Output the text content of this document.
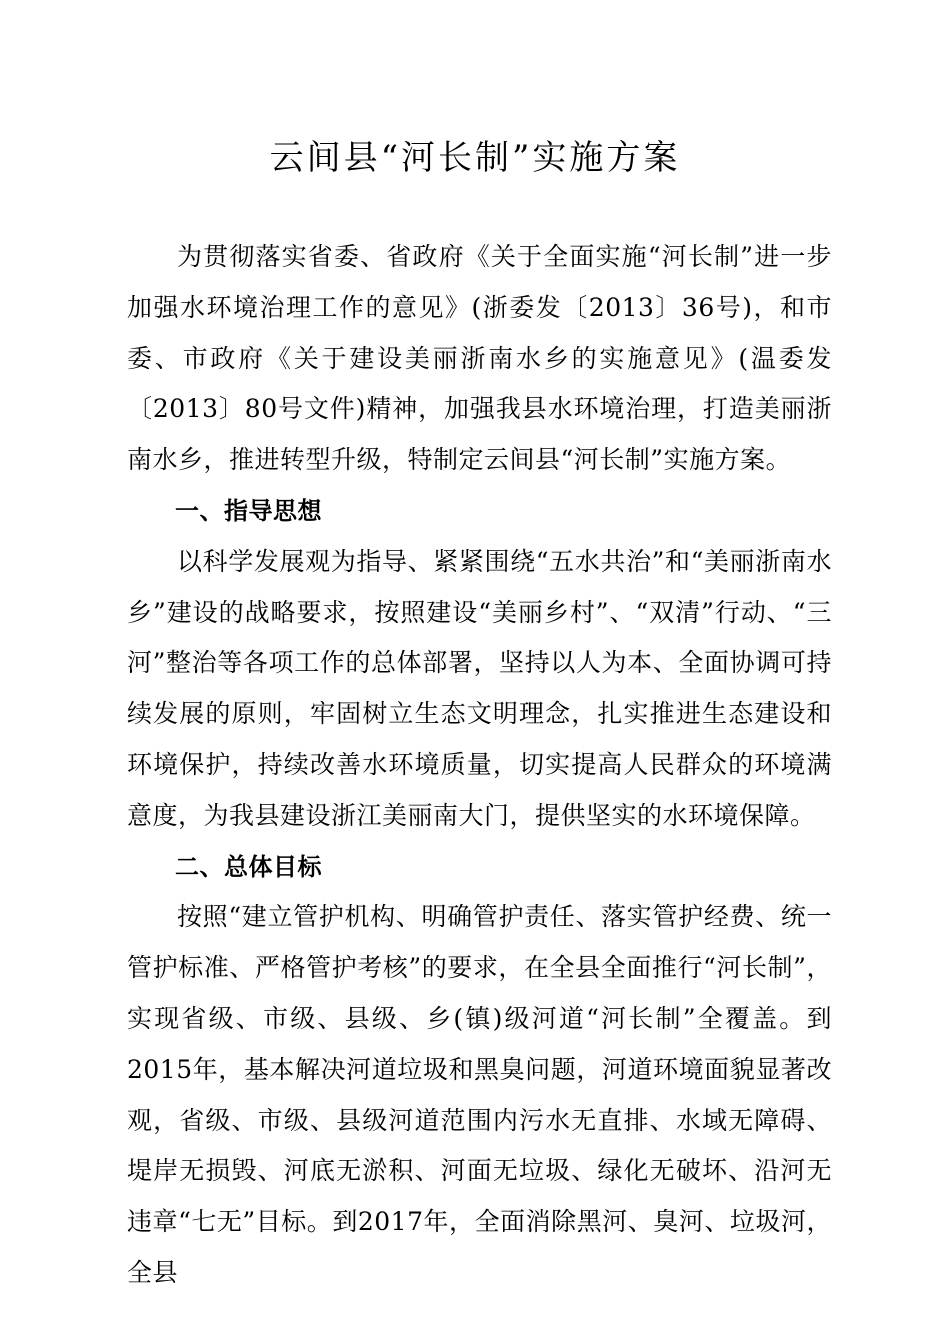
云间县“河长制”实施方案

为贯彻落实省委、省政府《关于全面实施“河长制”进一步加强水环境治理工作的意见》(浙委发〔2013〕36号)，和市委、市政府《关于建设美丽浙南水乡的实施意见》(温委发〔2013〕80号文件)精神，加强我县水环境治理，打造美丽浙南水乡，推进转型升级，特制定云间县“河长制”实施方案。

一、指导思想

以科学发展观为指导、紧紧围绕“五水共治”和“美丽浙南水乡”建设的战略要求，按照建设“美丽乡村”、“双清”行动、“三河”整治等各项工作的总体部署，坚持以人为本、全面协调可持续发展的原则，牢固树立生态文明理念，扎实推进生态建设和环境保护，持续改善水环境质量，切实提高人民群众的环境满意度，为我县建设浙江美丽南大门，提供坚实的水环境保障。

二、总体目标

按照“建立管护机构、明确管护责任、落实管护经费、统一管护标准、严格管护考核”的要求，在全县全面推行“河长制”，实现省级、市级、县级、乡(镇)级河道“河长制”全覆盖。到2015年，基本解决河道垃圾和黑臭问题，河道环境面貌显著改观，省级、市级、县级河道范围内污水无直排、水域无障碍、堤岸无损毁、河底无淤积、河面无垃圾、绿化无破坏、沿河无违章“七无”目标。到2017年，全面消除黑河、臭河、垃圾河，全县
